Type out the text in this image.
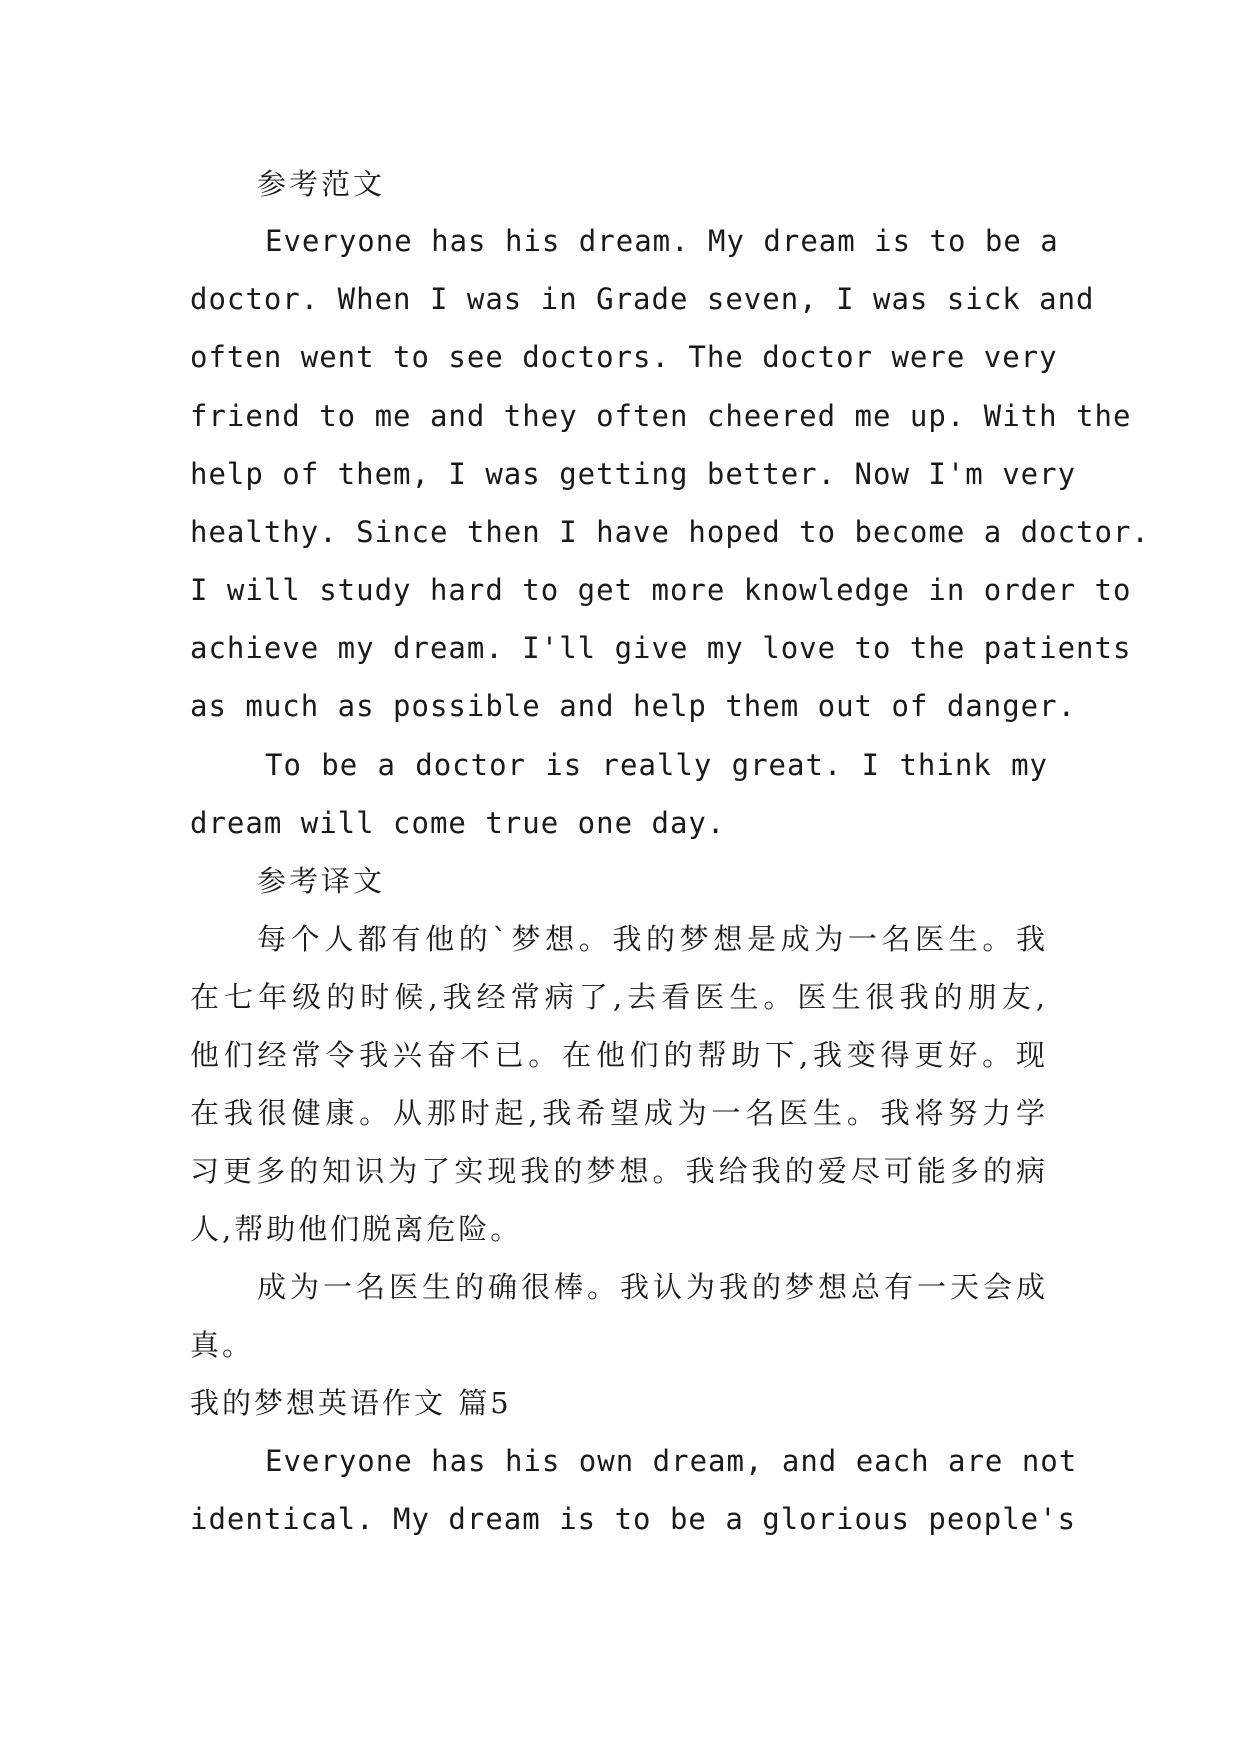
参考范文
Everyone has his dream. My dream is to be a
doctor. When I was in Grade seven, I was sick and
often went to see doctors. The doctor were very
friend to me and they often cheered me up. With the
help of them, I was getting better. Now I'm very
healthy. Since then I have hoped to become a doctor.
I will study hard to get more knowledge in order to
achieve my dream. I'll give my love to the patients
as much as possible and help them out of danger.
To be a doctor is really great. I think my
dream will come true one day.
参考译文
每个人都有他的`梦想。我的梦想是成为一名医生。我
在七年级的时候,我经常病了,去看医生。医生很我的朋友,
他们经常令我兴奋不已。在他们的帮助下,我变得更好。现
在我很健康。从那时起,我希望成为一名医生。我将努力学
习更多的知识为了实现我的梦想。我给我的爱尽可能多的病
人,帮助他们脱离危险。
成为一名医生的确很棒。我认为我的梦想总有一天会成
真。
我的梦想英语作文 篇5
Everyone has his own dream, and each are not
identical. My dream is to be a glorious people's
